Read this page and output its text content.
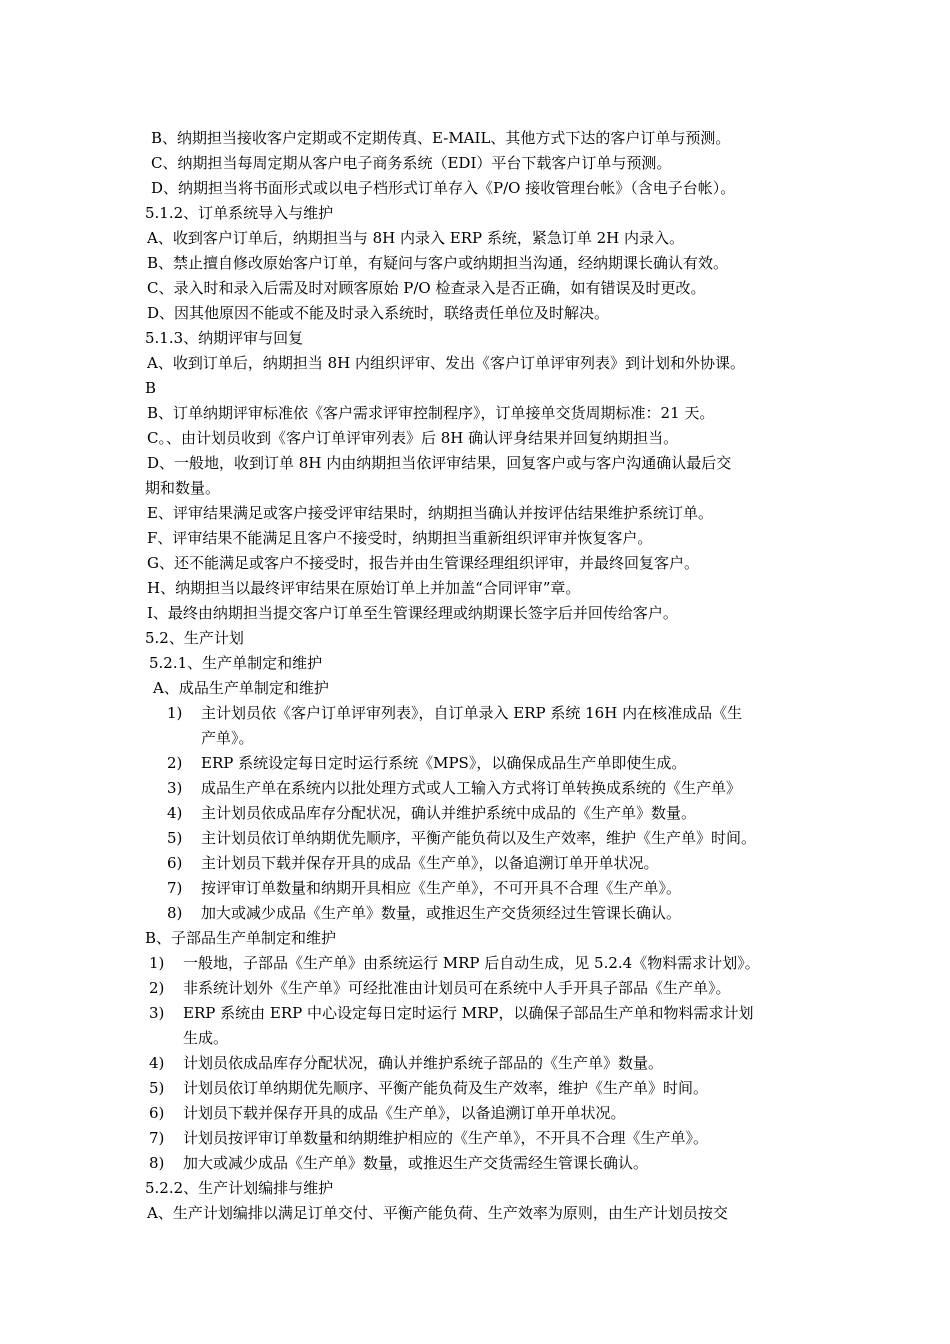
B、纳期担当接收客户定期或不定期传真、E-MAIL、其他方式下达的客户订单与预测。
C、纳期担当每周定期从客户电子商务系统（EDI）平台下载客户订单与预测。
D、纳期担当将书面形式或以电子档形式订单存入《P/O 接收管理台帐》（含电子台帐）。
5.1.2、订单系统导入与维护
A、收到客户订单后，纳期担当与 8H 内录入 ERP 系统，紧急订单 2H 内录入。
B、禁止擅自修改原始客户订单，有疑问与客户或纳期担当沟通，经纳期课长确认有效。
C、录入时和录入后需及时对顾客原始 P/O 检查录入是否正确，如有错误及时更改。
D、因其他原因不能或不能及时录入系统时，联络责任单位及时解决。
5.1.3、纳期评审与回复
A、收到订单后，纳期担当 8H 内组织评审、发出《客户订单评审列表》到计划和外协课。
B
B、订单纳期评审标准依《客户需求评审控制程序》，订单接单交货周期标准：21 天。
C。、由计划员收到《客户订单评审列表》后 8H 确认评身结果并回复纳期担当。
D、一般地，收到订单 8H 内由纳期担当依评审结果，回复客户或与客户沟通确认最后交
期和数量。
E、评审结果满足或客户接受评审结果时，纳期担当确认并按评估结果维护系统订单。
F、评审结果不能满足且客户不接受时，纳期担当重新组织评审并恢复客户。
G、还不能满足或客户不接受时，报告并由生管课经理组织评审，并最终回复客户。
H、纳期担当以最终评审结果在原始订单上并加盖“合同评审”章。
I、最终由纳期担当提交客户订单至生管课经理或纳期课长签字后并回传给客户。
5.2、生产计划
5.2.1、生产单制定和维护
A、成品生产单制定和维护
1) 主计划员依《客户订单评审列表》，自订单录入 ERP 系统 16H 内在核准成品《生
产单》。
2) ERP 系统设定每日定时运行系统《MPS》，以确保成品生产单即使生成。
3) 成品生产单在系统内以批处理方式或人工输入方式将订单转换成系统的《生产单》
4) 主计划员依成品库存分配状况，确认并维护系统中成品的《生产单》数量。
5) 主计划员依订单纳期优先顺序，平衡产能负荷以及生产效率，维护《生产单》时间。
6) 主计划员下载并保存开具的成品《生产单》，以备追溯订单开单状况。
7) 按评审订单数量和纳期开具相应《生产单》，不可开具不合理《生产单》。
8) 加大或减少成品《生产单》数量，或推迟生产交货须经过生管课长确认。
B、子部品生产单制定和维护
1) 一般地，子部品《生产单》由系统运行 MRP 后自动生成，见 5.2.4《物料需求计划》。
2) 非系统计划外《生产单》可经批准由计划员可在系统中人手开具子部品《生产单》。
3) ERP 系统由 ERP 中心设定每日定时运行 MRP，以确保子部品生产单和物料需求计划
生成。
4) 计划员依成品库存分配状况，确认并维护系统子部品的《生产单》数量。
5) 计划员依订单纳期优先顺序、平衡产能负荷及生产效率，维护《生产单》时间。
6) 计划员下载并保存开具的成品《生产单》，以备追溯订单开单状况。
7) 计划员按评审订单数量和纳期维护相应的《生产单》，不开具不合理《生产单》。
8) 加大或减少成品《生产单》数量，或推迟生产交货需经生管课长确认。
5.2.2、生产计划编排与维护
A、生产计划编排以满足订单交付、平衡产能负荷、生产效率为原则，由生产计划员按交
